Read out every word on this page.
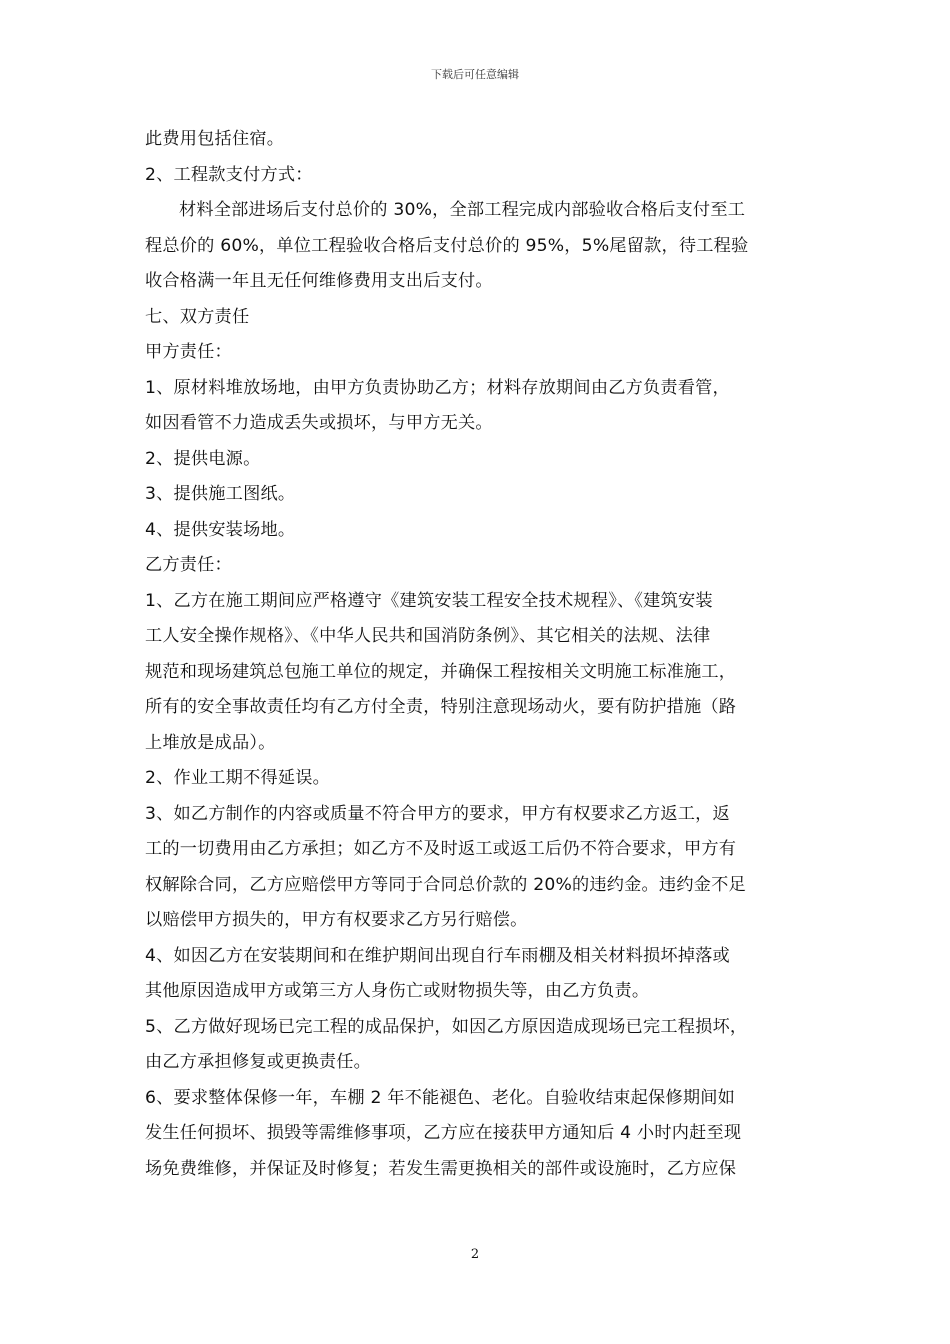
下载后可任意编辑
此费用包括住宿。
2、工程款支付方式：
材料全部进场后支付总价的 30%，全部工程完成内部验收合格后支付至工
程总价的 60%，单位工程验收合格后支付总价的 95%，5%尾留款，待工程验
收合格满一年且无任何维修费用支出后支付。
七、双方责任
甲方责任：
1、原材料堆放场地，由甲方负责协助乙方；材料存放期间由乙方负责看管，
如因看管不力造成丢失或损坏，与甲方无关。
2、提供电源。
3、提供施工图纸。
4、提供安装场地。
乙方责任：
1、乙方在施工期间应严格遵守《建筑安装工程安全技术规程》、《建筑安装
工人安全操作规格》、《中华人民共和国消防条例》、其它相关的法规、法律
规范和现场建筑总包施工单位的规定，并确保工程按相关文明施工标准施工，
所有的安全事故责任均有乙方付全责，特别注意现场动火，要有防护措施（路
上堆放是成品）。
2、作业工期不得延误。
3、如乙方制作的内容或质量不符合甲方的要求，甲方有权要求乙方返工，返
工的一切费用由乙方承担；如乙方不及时返工或返工后仍不符合要求，甲方有
权解除合同，乙方应赔偿甲方等同于合同总价款的 20%的违约金。违约金不足
以赔偿甲方损失的，甲方有权要求乙方另行赔偿。
4、如因乙方在安装期间和在维护期间出现自行车雨棚及相关材料损坏掉落或
其他原因造成甲方或第三方人身伤亡或财物损失等，由乙方负责。
5、乙方做好现场已完工程的成品保护，如因乙方原因造成现场已完工程损坏，
由乙方承担修复或更换责任。
6、要求整体保修一年，车棚 2 年不能褪色、老化。自验收结束起保修期间如
发生任何损坏、损毁等需维修事项，乙方应在接获甲方通知后 4 小时内赶至现
场免费维修，并保证及时修复；若发生需更换相关的部件或设施时，乙方应保
2
